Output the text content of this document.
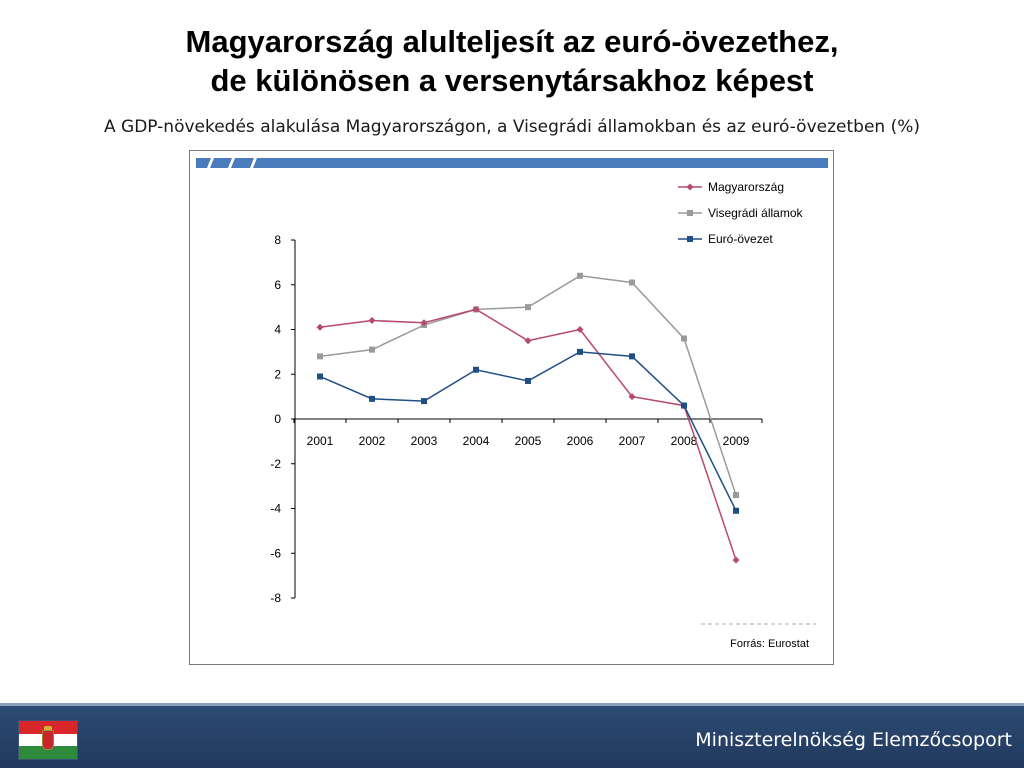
Magyarország alulteljesít az euró-övezethez,
de különösen a versenytársakhoz képest
A GDP-növekedés alakulása Magyarországon, a Visegrádi államokban és az euró-övezetben (%)
8
6
4
2
0
-2
-4
-6
-8
2001 2002 2003 2004 2005 2006 2007 2008 2009
Magyarország
Visegrádi államok
Euró-övezet
Forrás: Eurostat
Miniszterelnökség Elemzőcsoport
